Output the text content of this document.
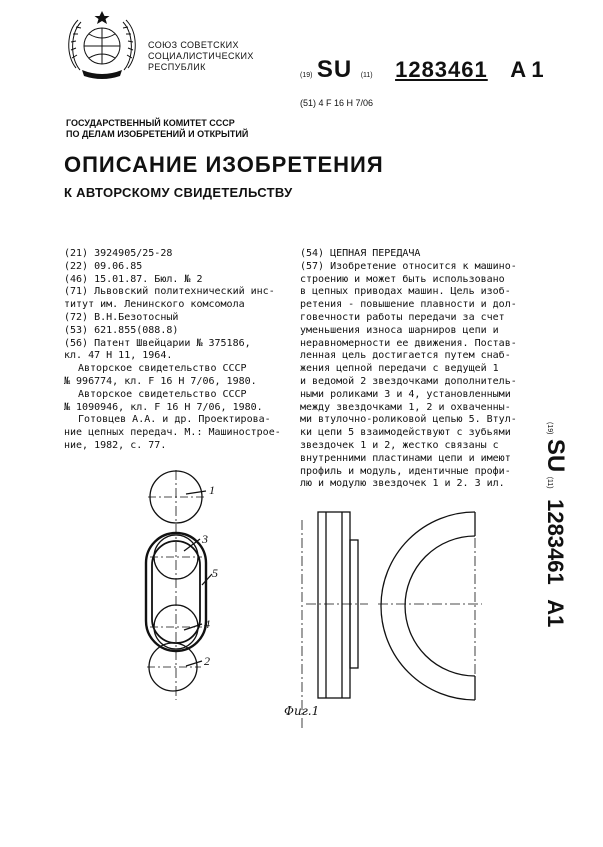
СОЮЗ СОВЕТСКИХ
СОЦИАЛИСТИЧЕСКИХ
РЕСПУБЛИК
(19) SU (11) 1283461 A 1
(51) 4 F 16 H 7/06
ГОСУДАРСТВЕННЫЙ КОМИТЕТ СССР
ПО ДЕЛАМ ИЗОБРЕТЕНИЙ И ОТКРЫТИЙ
ОПИСАНИЕ ИЗОБРЕТЕНИЯ
К АВТОРСКОМУ СВИДЕТЕЛЬСТВУ
(21) 3924905/25-28
(22) 09.06.85
(46) 15.01.87. Бюл. № 2
(71) Львовский политехнический инс-
титут им. Ленинского комсомола
(72) В.Н.Безотосный
(53) 621.855(088.8)
(56) Патент Швейцарии № 375186,
кл. 47 Н 11, 1964.
Авторское свидетельство СССР
№ 996774, кл. F 16 H 7/06, 1980.
Авторское свидетельство СССР
№ 1090946, кл. F 16 H 7/06, 1980.
Готовцев А.А. и др. Проектирова-
ние цепных передач. М.: Машинострое-
ние, 1982, с. 77.
(54) ЦЕПНАЯ ПЕРЕДАЧА
(57) Изобретение относится к машино-
строению и может быть использовано
в цепных приводах машин. Цель изоб-
ретения - повышение плавности и дол-
говечности работы передачи за счет
уменьшения износа шарниров цепи и
неравномерности ее движения. Постав-
ленная цель достигается путем снаб-
жения цепной передачи с ведущей 1
и ведомой 2 звездочками дополнитель-
ными роликами 3 и 4, установленными
между звездочками 1, 2 и охваченны-
ми втулочно-роликовой цепью 5. Втул-
ки цепи 5 взаимодействуют с зубьями
звездочек 1 и 2, жестко связаны с
внутренними пластинами цепи и имеют
профиль и модуль, идентичные профи-
лю и модулю звездочек 1 и 2. 3 ил.
(19) SU (11) 1283461 A1
1
3
5
4
2
Фиг.1
